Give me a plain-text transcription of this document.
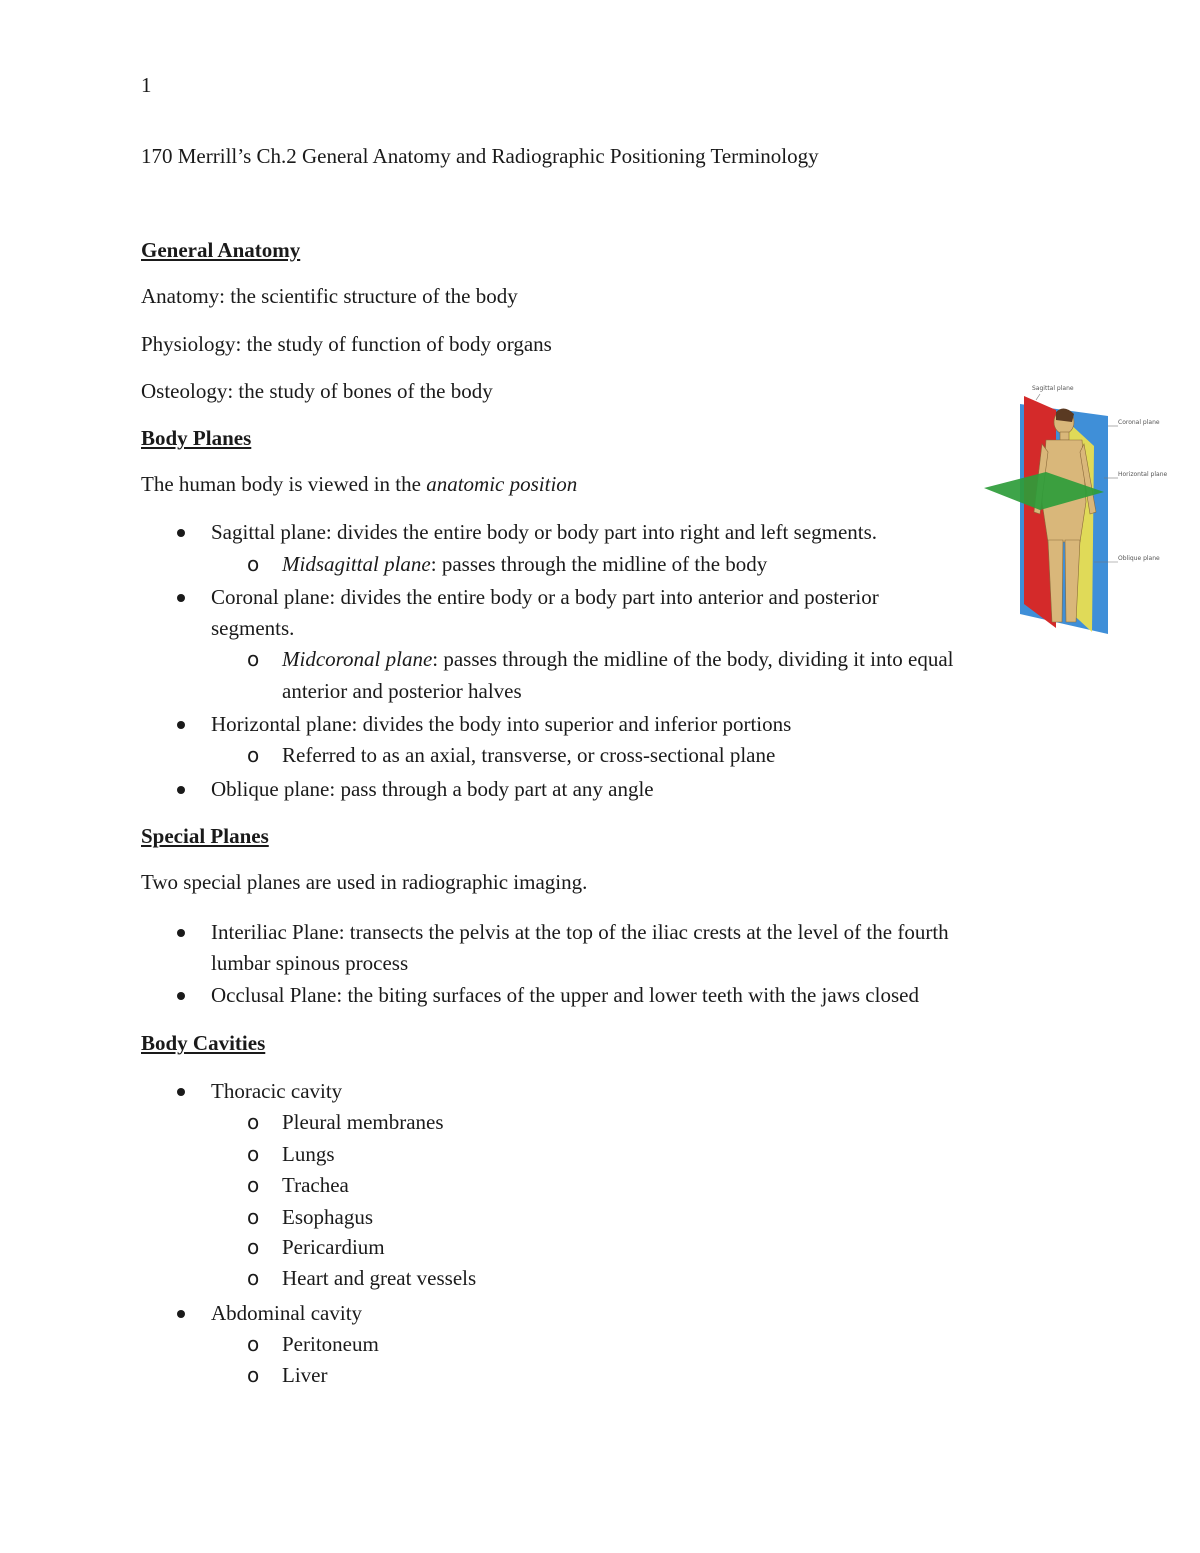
1
170 Merrill’s Ch.2 General Anatomy and Radiographic Positioning Terminology
General Anatomy
Anatomy: the scientific structure of the body
Physiology: the study of function of body organs
Osteology: the study of bones of the body
Body Planes
The human body is viewed in the anatomic position
Sagittal plane: divides the entire body or body part into right and left segments.
o Midsagittal plane: passes through the midline of the body
Coronal plane: divides the entire body or a body part into anterior and posterior
segments.
o Midcoronal plane: passes through the midline of the body, dividing it into equal
anterior and posterior halves
Horizontal plane: divides the body into superior and inferior portions
o Referred to as an axial, transverse, or cross-sectional plane
Oblique plane: pass through a body part at any angle
Sagittal plane
Coronal plane
Horizontal plane
Oblique plane
Special Planes
Two special planes are used in radiographic imaging.
Interiliac Plane: transects the pelvis at the top of the iliac crests at the level of the fourth
lumbar spinous process
Occlusal Plane: the biting surfaces of the upper and lower teeth with the jaws closed
Body Cavities
Thoracic cavity
o Pleural membranes
o Lungs
o Trachea
o Esophagus
o Pericardium
o Heart and great vessels
Abdominal cavity
o Peritoneum
o Liver
